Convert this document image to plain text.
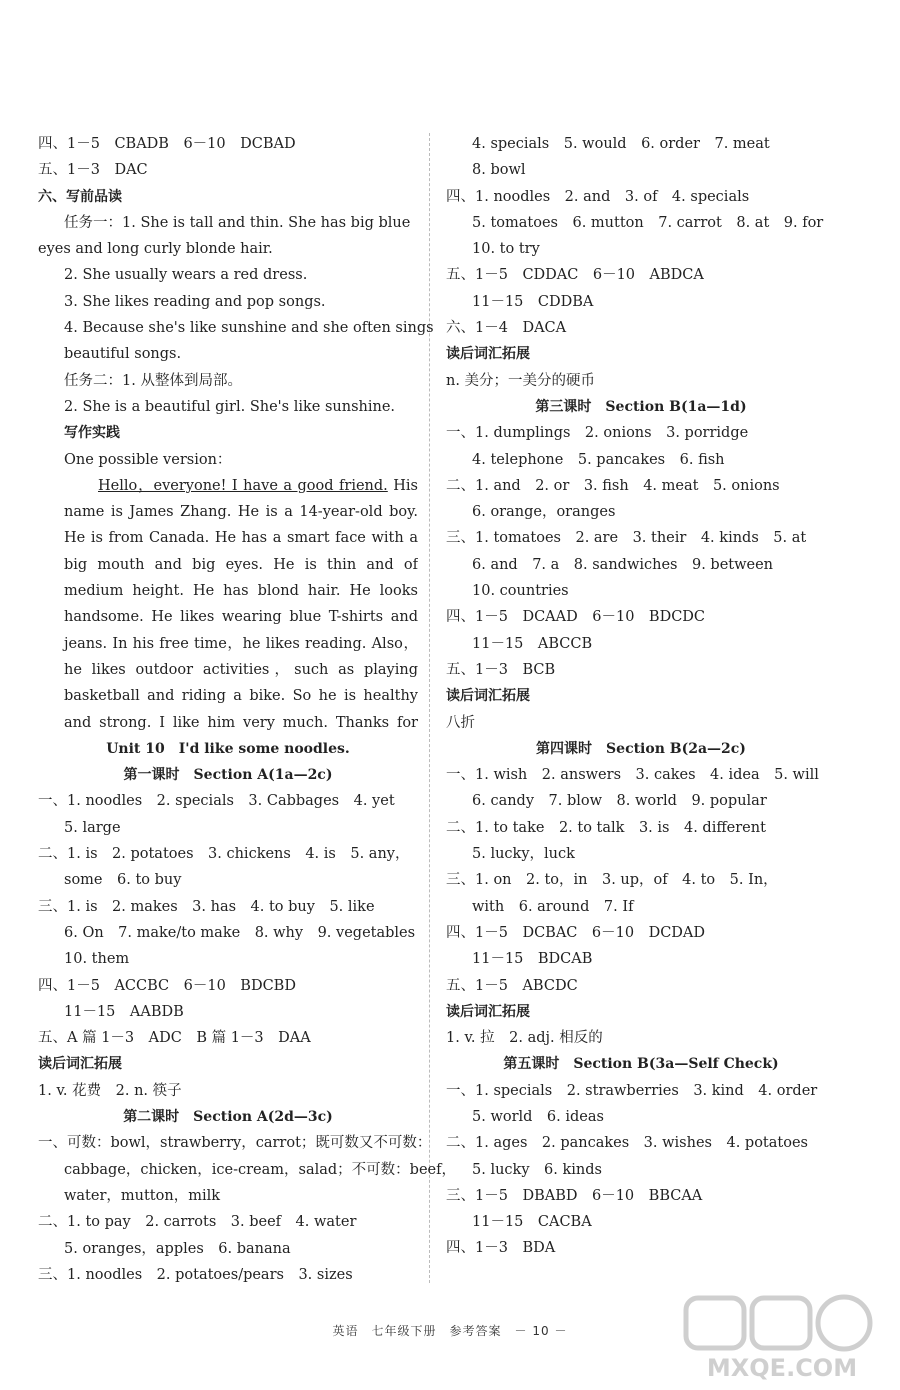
四、1－5　CBADB　6－10　DCBAD
五、1－3　DAC
六、写前品读
任务一：1. She is tall and thin. She has big blue
eyes and long curly blonde hair.
2. She usually wears a red dress.
3. She likes reading and pop songs.
4. Because she's like sunshine and she often sings
beautiful songs.
任务二：1. 从整体到局部。
2. She is a beautiful girl. She's like sunshine.
写作实践
One possible version：
Hello，everyone! I have a good friend. His name is James Zhang. He is a 14-year-old boy. He is from Canada. He has a smart face with a big mouth and big eyes. He is thin and of medium height. He has blond hair. He looks handsome. He likes wearing blue T-shirts and jeans. In his free time，he likes reading. Also，he likes outdoor activities，such as playing basketball and riding a bike. So he is healthy and strong. I like him very much. Thanks for
Unit 10　I'd like some noodles.
第一课时　Section A(1a—2c)
一、1. noodles　2. specials　3. Cabbages　4. yet
5. large
二、1. is　2. potatoes　3. chickens　4. is　5. any，
some　6. to buy
三、1. is　2. makes　3. has　4. to buy　5. like
6. On　7. make/to make　8. why　9. vegetables
10. them
四、1－5　ACCBC　6－10　BDCBD
11－15　AABDB
五、A 篇 1－3　ADC　B 篇 1－3　DAA
读后词汇拓展
1. v. 花费　2. n. 筷子
第二课时　Section A(2d—3c)
一、可数：bowl，strawberry，carrot；既可数又不可数：
cabbage，chicken，ice-cream，salad；不可数：beef，
water，mutton，milk
二、1. to pay　2. carrots　3. beef　4. water
5. oranges，apples　6. banana
三、1. noodles　2. potatoes/pears　3. sizes
4. specials　5. would　6. order　7. meat
8. bowl
四、1. noodles　2. and　3. of　4. specials
5. tomatoes　6. mutton　7. carrot　8. at　9. for
10. to try
五、1－5　CDDAC　6－10　ABDCA
11－15　CDDBA
六、1－4　DACA
读后词汇拓展
n. 美分；一美分的硬币
第三课时　Section B(1a—1d)
一、1. dumplings　2. onions　3. porridge
4. telephone　5. pancakes　6. fish
二、1. and　2. or　3. fish　4. meat　5. onions
6. orange，oranges
三、1. tomatoes　2. are　3. their　4. kinds　5. at
6. and　7. a　8. sandwiches　9. between
10. countries
四、1－5　DCAAD　6－10　BDCDC
11－15　ABCCB
五、1－3　BCB
读后词汇拓展
八折
第四课时　Section B(2a—2c)
一、1. wish　2. answers　3. cakes　4. idea　5. will
6. candy　7. blow　8. world　9. popular
二、1. to take　2. to talk　3. is　4. different
5. lucky，luck
三、1. on　2. to，in　3. up，of　4. to　5. In，
with　6. around　7. If
四、1－5　DCBAC　6－10　DCDAD
11－15　BDCAB
五、1－5　ABCDC
读后词汇拓展
1. v. 拉　2. adj. 相反的
第五课时　Section B(3a—Self Check)
一、1. specials　2. strawberries　3. kind　4. order
5. world　6. ideas
二、1. ages　2. pancakes　3. wishes　4. potatoes
5. lucky　6. kinds
三、1－5　DBABD　6－10　BBCAA
11－15　CACBA
四、1－3　BDA
英语　七年级下册　参考答案　－ 10 －
MXQE.COM
